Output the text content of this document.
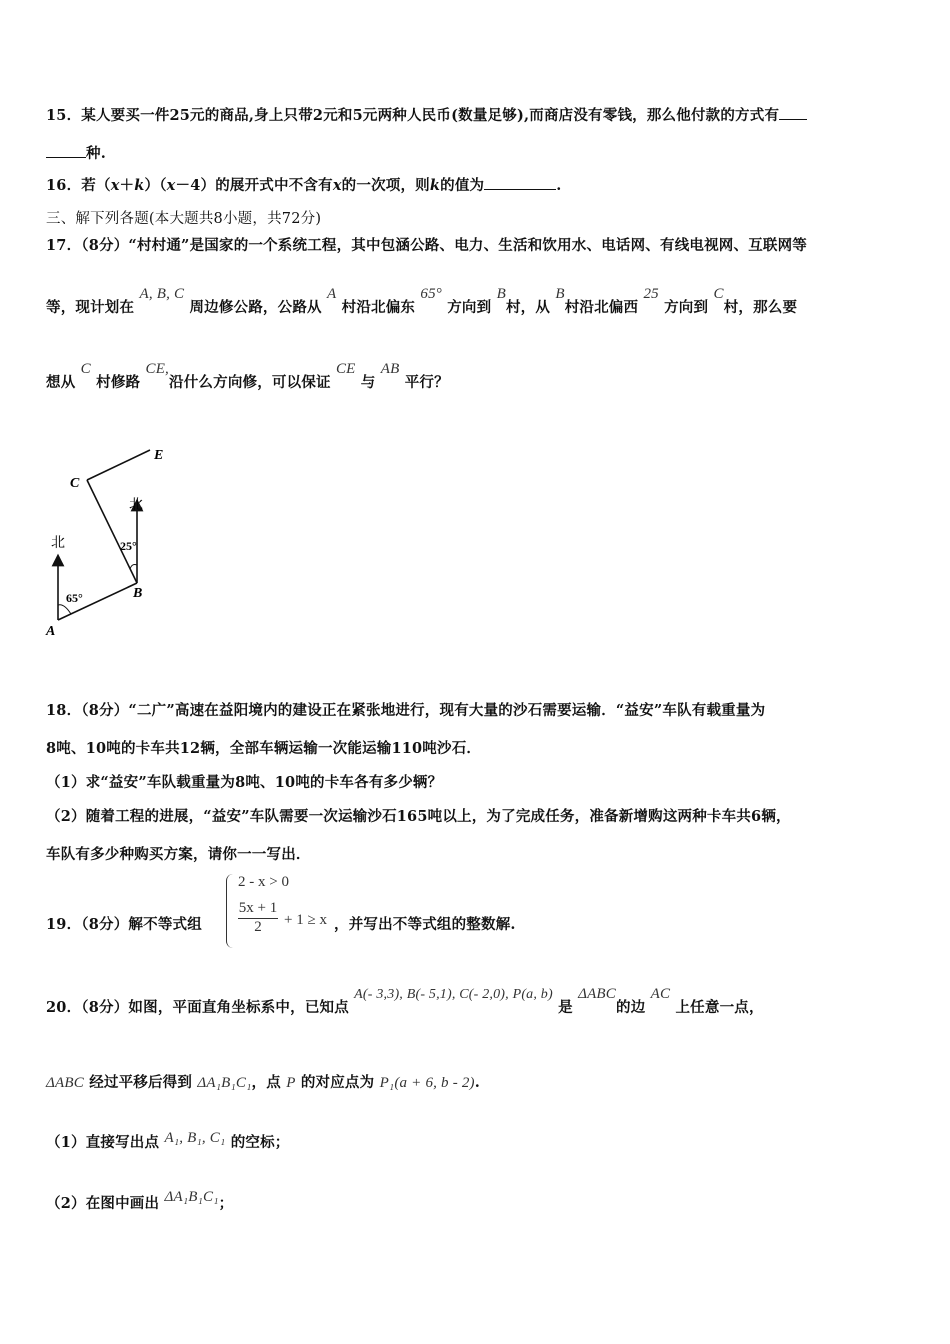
15．某人要买一件25元的商品,身上只带2元和5元两种人民币(数量足够),而商店没有零钱，那么他付款的方式有
种.
16．若（x＋k）（x－4）的展开式中不含有x的一次项，则k的值为	.
三、解下列各题(本大题共8小题，共72分)
17．（8分）“村村通”是国家的一个系统工程，其中包涵公路、电力、生活和饮用水、电话网、有线电视网、互联网等
等，现计划在 A, B, C 周边修公路，公路从 A 村沿北偏东 65° 方向到 B村，从 B村沿北偏西 25 方向到 C村，那么要
想从 C 村修路 CE,沿什么方向修，可以保证 CE 与 AB 平行？
C
E
B
A
北
北
65°
25°
18．（8分）“二广”高速在益阳境内的建设正在紧张地进行，现有大量的沙石需要运输．“益安”车队有载重量为
8吨、10吨的卡车共12辆，全部车辆运输一次能运输110吨沙石．
（1）求“益安”车队载重量为8吨、10吨的卡车各有多少辆？
（2）随着工程的进展，“益安”车队需要一次运输沙石165吨以上，为了完成任务，准备新增购这两种卡车共6辆，
车队有多少种购买方案，请你一一写出．
19．（8分）解不等式组
2 - x > 0
$\frac{5x + 1}{2} + 1 \ge x$ ，并写出不等式组的整数解.
20．（8分）如图，平面直角坐标系中，已知点 A(- 3,3), B(- 5,1), C(- 2,0), P(a, b) 是 ΔABC的边 AC 上任意一点，
ΔABC 经过平移后得到 ΔA₁B₁C₁，点 P 的对应点为 P₁(a + 6, b - 2).
（1）直接写出点 A₁, B₁, C₁ 的空标；
（2）在图中画出 ΔA₁B₁C₁；
